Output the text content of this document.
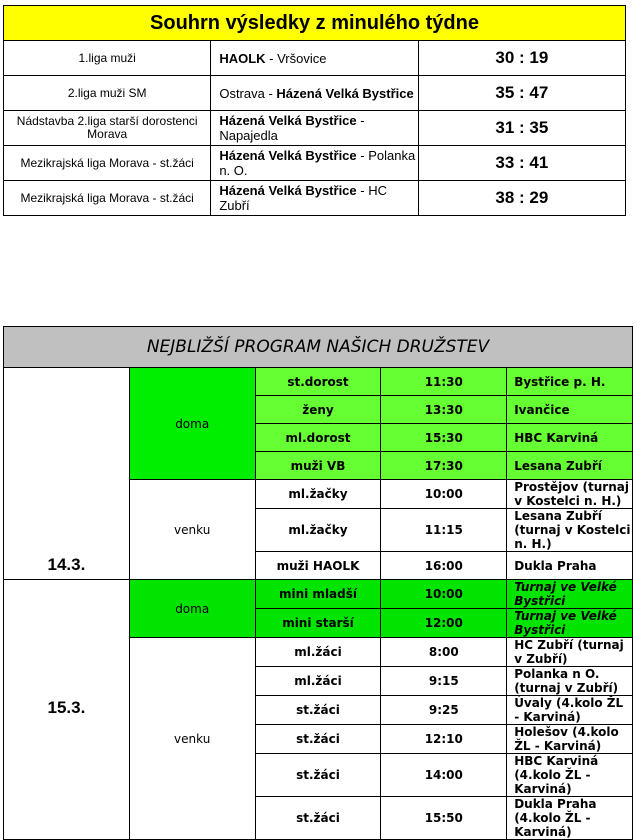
Souhrn výsledky z minulého týdne		
1.liga muži	HAOLK - Vršovice	30 : 19
2.liga muži SM	Ostrava - Házená Velká Bystřice	35 : 47
Nádstavba 2.liga starší dorostenci Morava	Házená Velká Bystřice - Napajedla	31 : 35
Mezikrajská liga Morava - st.žáci	Házená Velká Bystřice - Polanka n. O.	33 : 41
Mezikrajská liga Morava - st.žáci	Házená Velká Bystřice - HC Zubří	38 : 29
NEJBLIŽŠÍ PROGRAM NAŠICH DRUŽSTEV				
14.3.	doma	st.dorost	11:30	Bystřice p. H.
		ženy	13:30	Ivančice
		ml.dorost	15:30	HBC Karviná
		muži VB	17:30	Lesana Zubří
	venku	ml.žačky	10:00	Prostějov (turnaj v Kostelci n. H.)
		ml.žačky	11:15	Lesana Zubří (turnaj v Kostelci n. H.)
		muži HAOLK	16:00	Dukla Praha
15.3.	doma	mini mladší	10:00	Turnaj ve Velké Bystřici
		mini starší	12:00	Turnaj ve Velké Bystřici
	venku	ml.žáci	8:00	HC Zubří (turnaj v Zubří)
		ml.žáci	9:15	Polanka n O. (turnaj v Zubří)
		st.žáci	9:25	Úvaly (4.kolo ŽL - Karviná)
		st.žáci	12:10	Holešov (4.kolo ŽL - Karviná)
		st.žáci	14:00	HBC Karviná (4.kolo ŽL - Karviná)
		st.žáci	15:50	Dukla Praha (4.kolo ŽL - Karviná)
